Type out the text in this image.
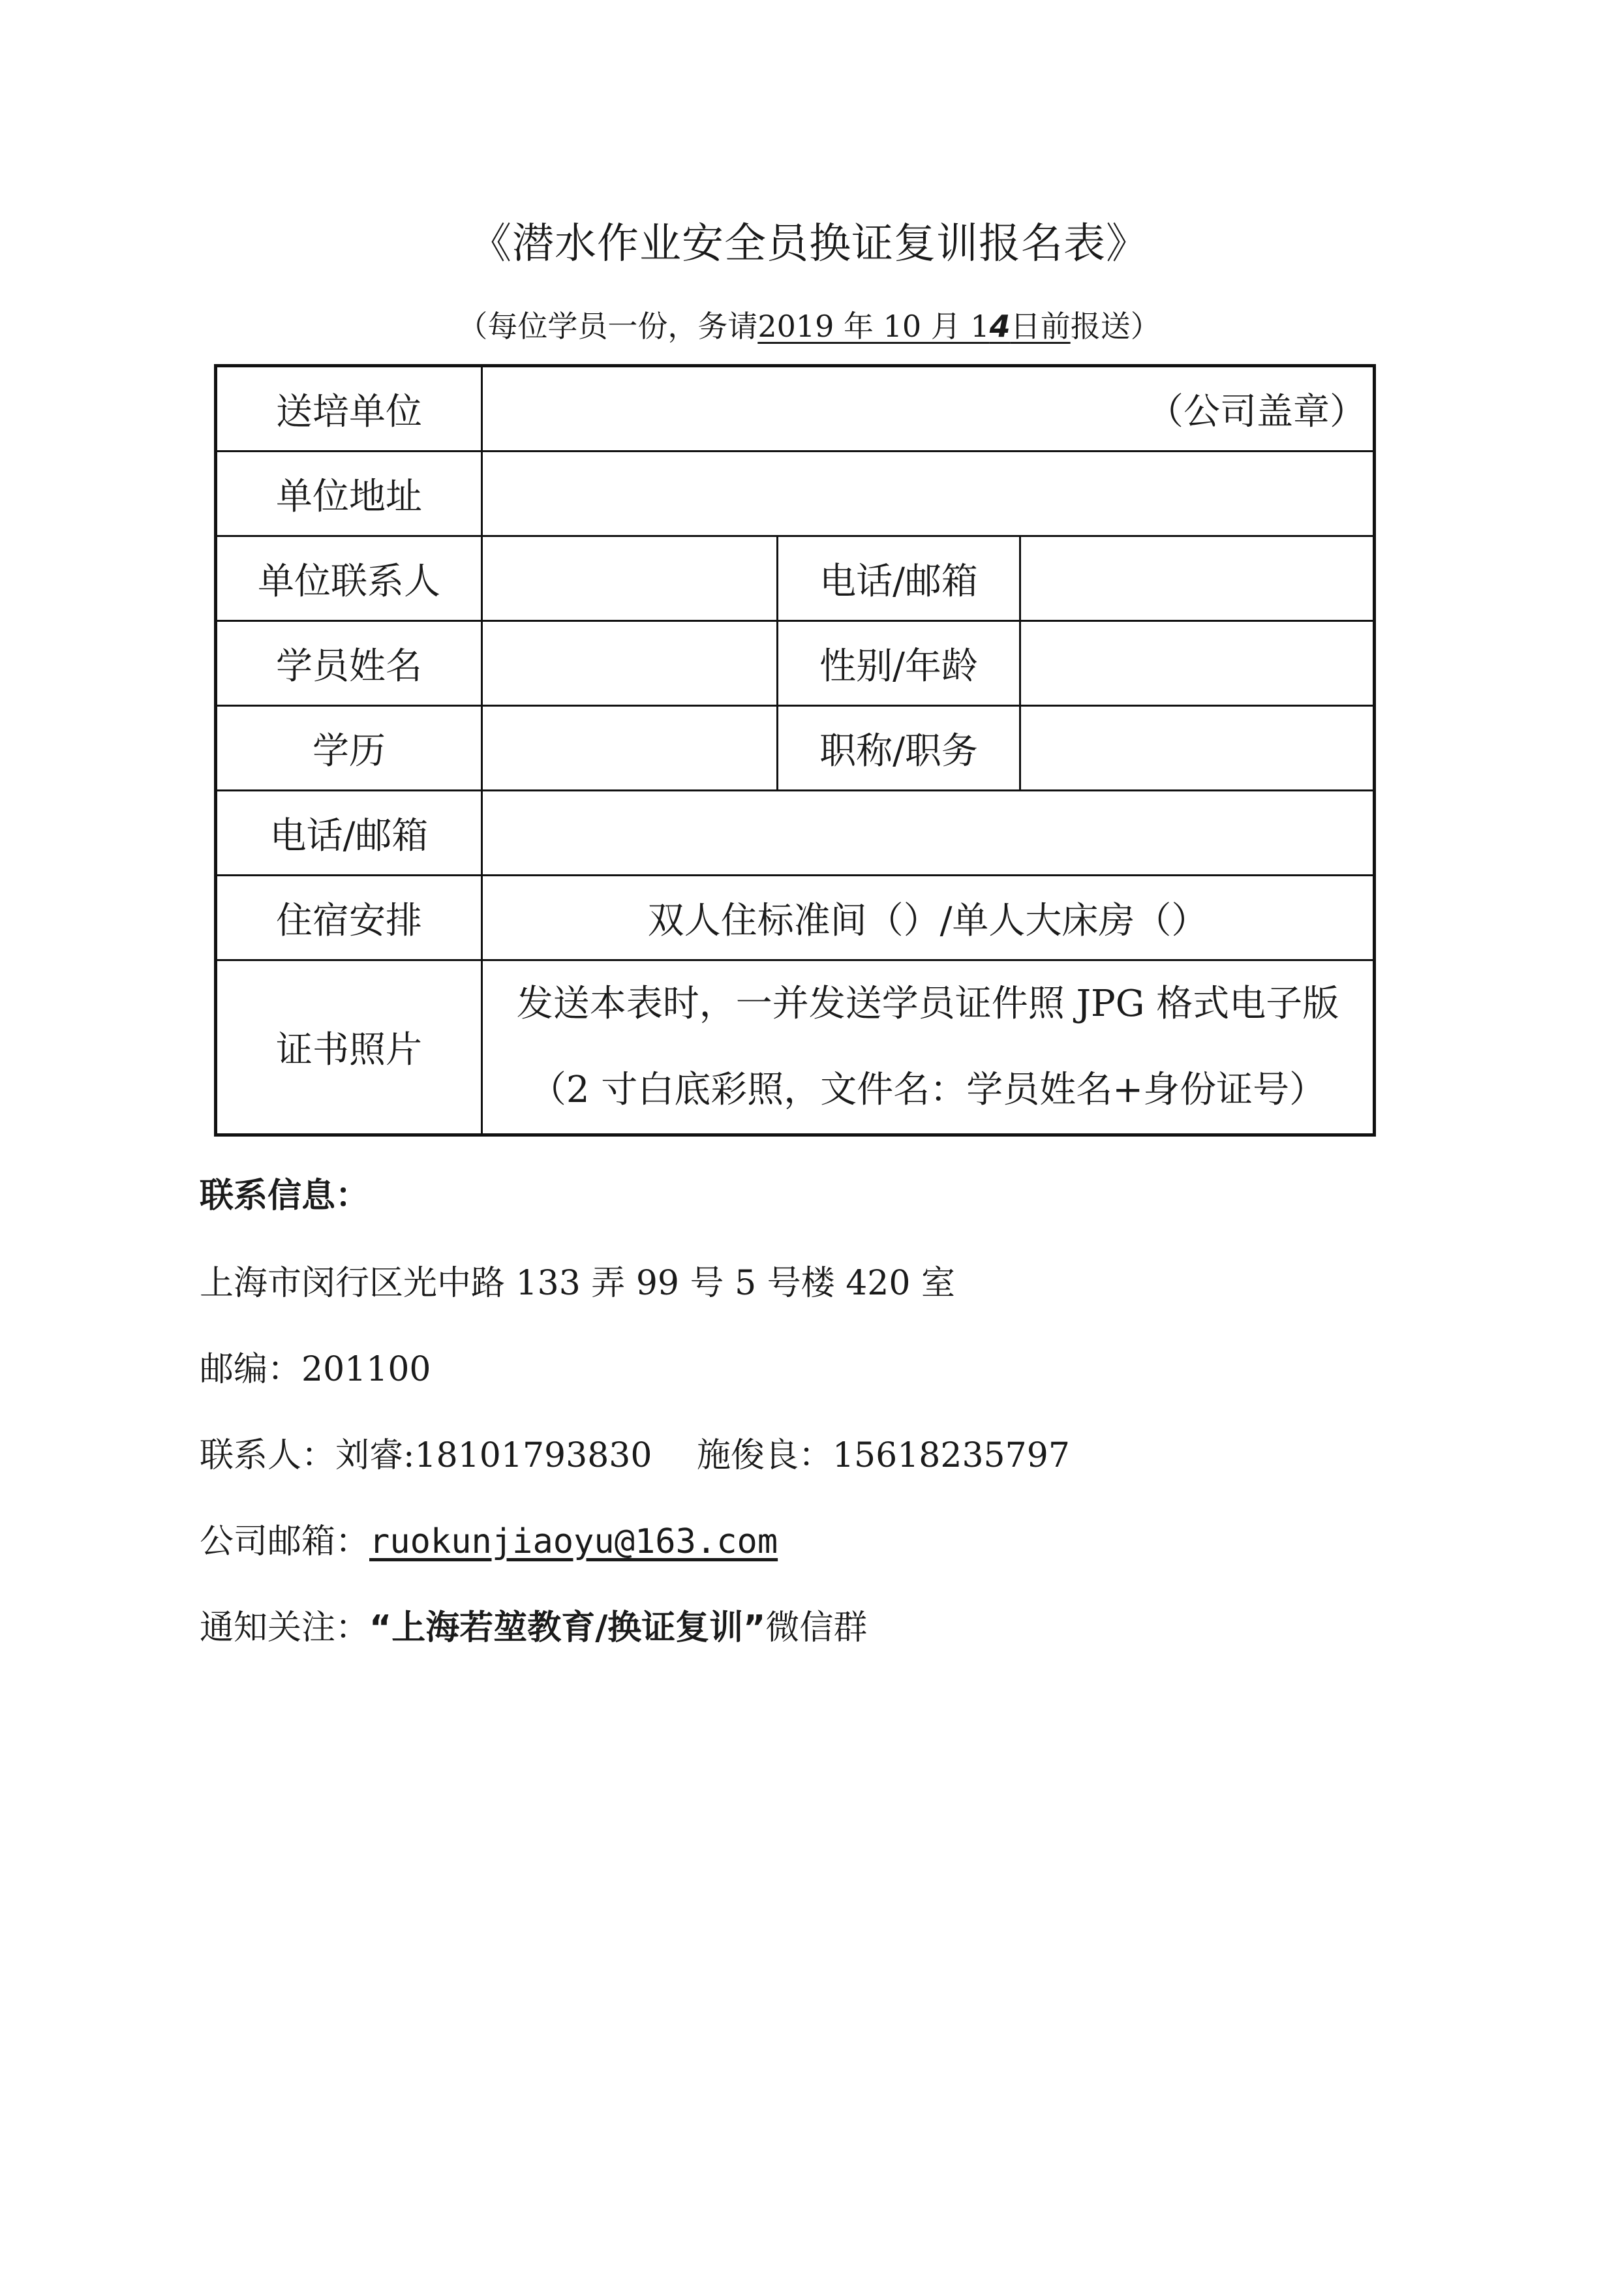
《潜水作业安全员换证复训报名表》
（每位学员一份，务请2019 年 10 月 14日前报送）
送培单位	（公司盖章）		
单位地址			
单位联系人		电话/邮箱	
学员姓名		性别/年龄	
学历		职称/职务	
电话/邮箱			
住宿安排	双人住标准间（）/单人大床房（）		
证书照片	发送本表时，一并发送学员证件照 JPG 格式电子版
（2 寸白底彩照，文件名：学员姓名+身份证号）		
联系信息：
上海市闵行区光中路 133 弄 99 号 5 号楼 420 室
邮编：201100
联系人：刘睿:18101793830　 施俊良：15618235797
公司邮箱：ruokunjiaoyu@163.com
通知关注：“上海若堃教育/换证复训”微信群
